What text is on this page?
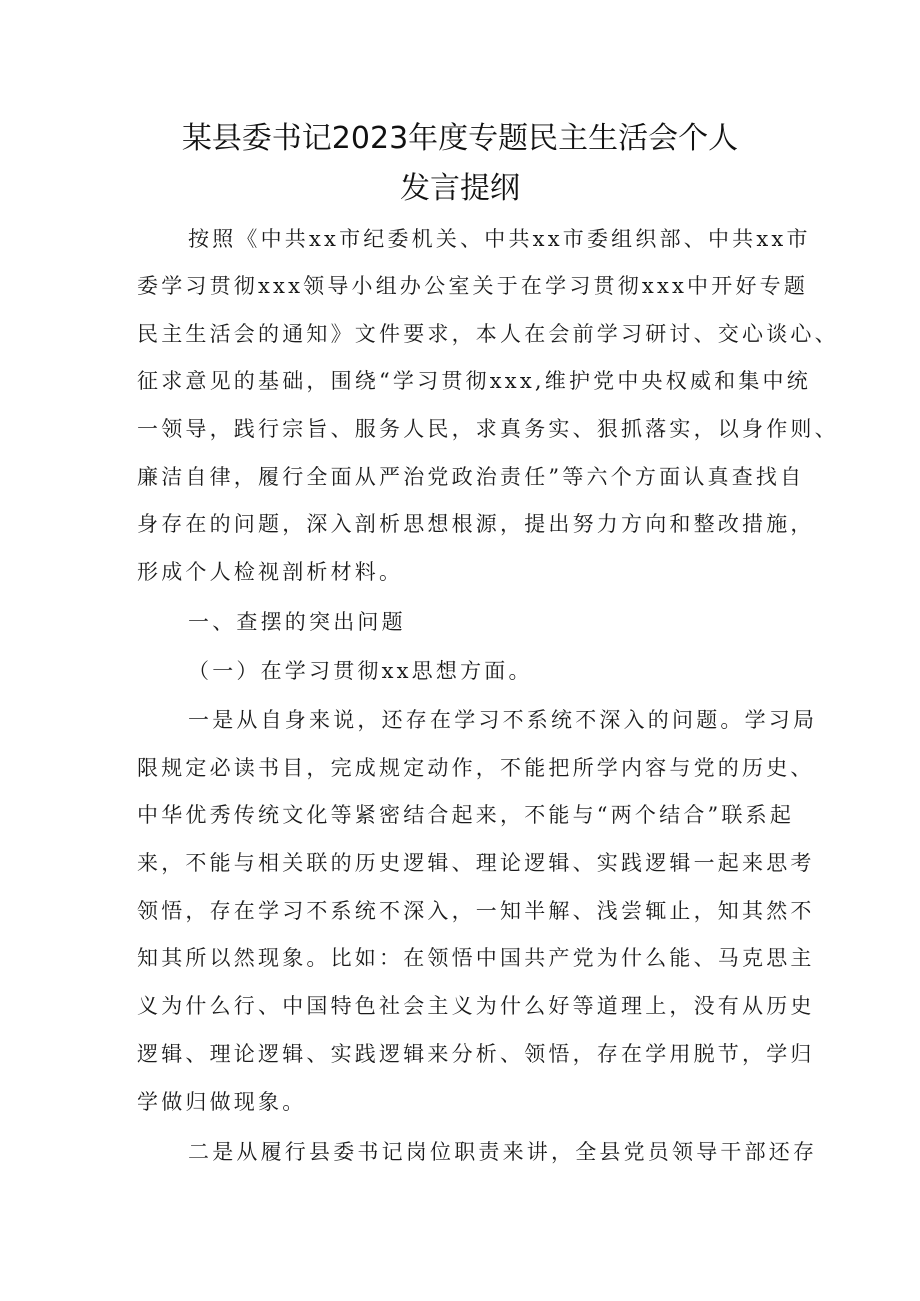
某县委书记2023年度专题民主生活会个人
发言提纲
按照《中共xx市纪委机关、中共xx市委组织部、中共xx市
委学习贯彻xxx领导小组办公室关于在学习贯彻xxx中开好专题
民主生活会的通知》文件要求，本人在会前学习研讨、交心谈心、
征求意见的基础，围绕“学习贯彻xxx,维护党中央权威和集中统
一领导，践行宗旨、服务人民，求真务实、狠抓落实，以身作则、
廉洁自律，履行全面从严治党政治责任”等六个方面认真查找自
身存在的问题，深入剖析思想根源，提出努力方向和整改措施，
形成个人检视剖析材料。
一、查摆的突出问题
（一）在学习贯彻xx思想方面。
一是从自身来说，还存在学习不系统不深入的问题。学习局
限规定必读书目，完成规定动作，不能把所学内容与党的历史、
中华优秀传统文化等紧密结合起来，不能与“两个结合”联系起
来，不能与相关联的历史逻辑、理论逻辑、实践逻辑一起来思考
领悟，存在学习不系统不深入，一知半解、浅尝辄止，知其然不
知其所以然现象。比如：在领悟中国共产党为什么能、马克思主
义为什么行、中国特色社会主义为什么好等道理上，没有从历史
逻辑、理论逻辑、实践逻辑来分析、领悟，存在学用脱节，学归
学做归做现象。
二是从履行县委书记岗位职责来讲，全县党员领导干部还存
